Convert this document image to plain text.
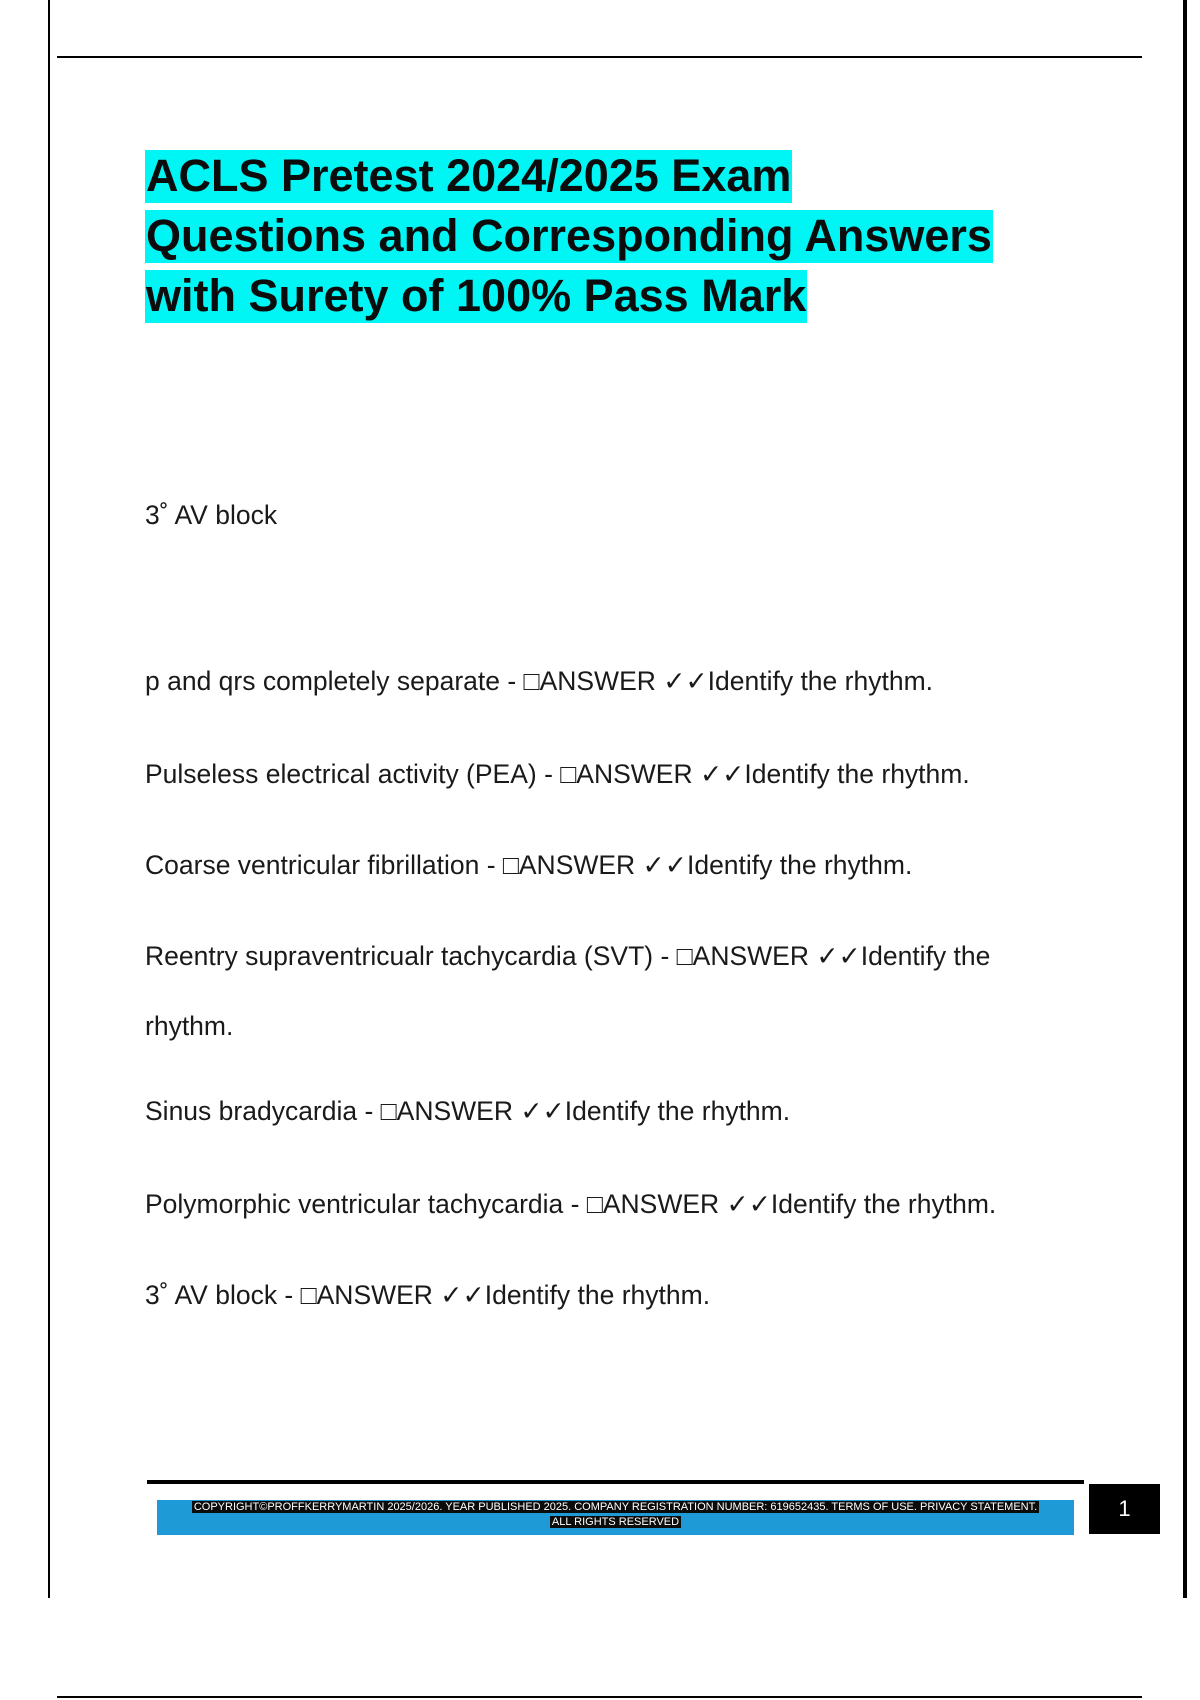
ACLS Pretest 2024/2025 Exam
Questions and Corresponding Answers
with Surety of 100% Pass Mark

3˚ AV block

p and qrs completely separate - □ANSWER ✓✓Identify the rhythm.

Pulseless electrical activity (PEA) - □ANSWER ✓✓Identify the rhythm.

Coarse ventricular fibrillation - □ANSWER ✓✓Identify the rhythm.

Reentry supraventricualr tachycardia (SVT) - □ANSWER ✓✓Identify the rhythm.

Sinus bradycardia - □ANSWER ✓✓Identify the rhythm.

Polymorphic ventricular tachycardia - □ANSWER ✓✓Identify the rhythm.

3˚ AV block - □ANSWER ✓✓Identify the rhythm.

COPYRIGHT©PROFFKERRYMARTIN 2025/2026. YEAR PUBLISHED 2025. COMPANY REGISTRATION NUMBER: 619652435. TERMS OF USE. PRIVACY STATEMENT.
ALL RIGHTS RESERVED
1
